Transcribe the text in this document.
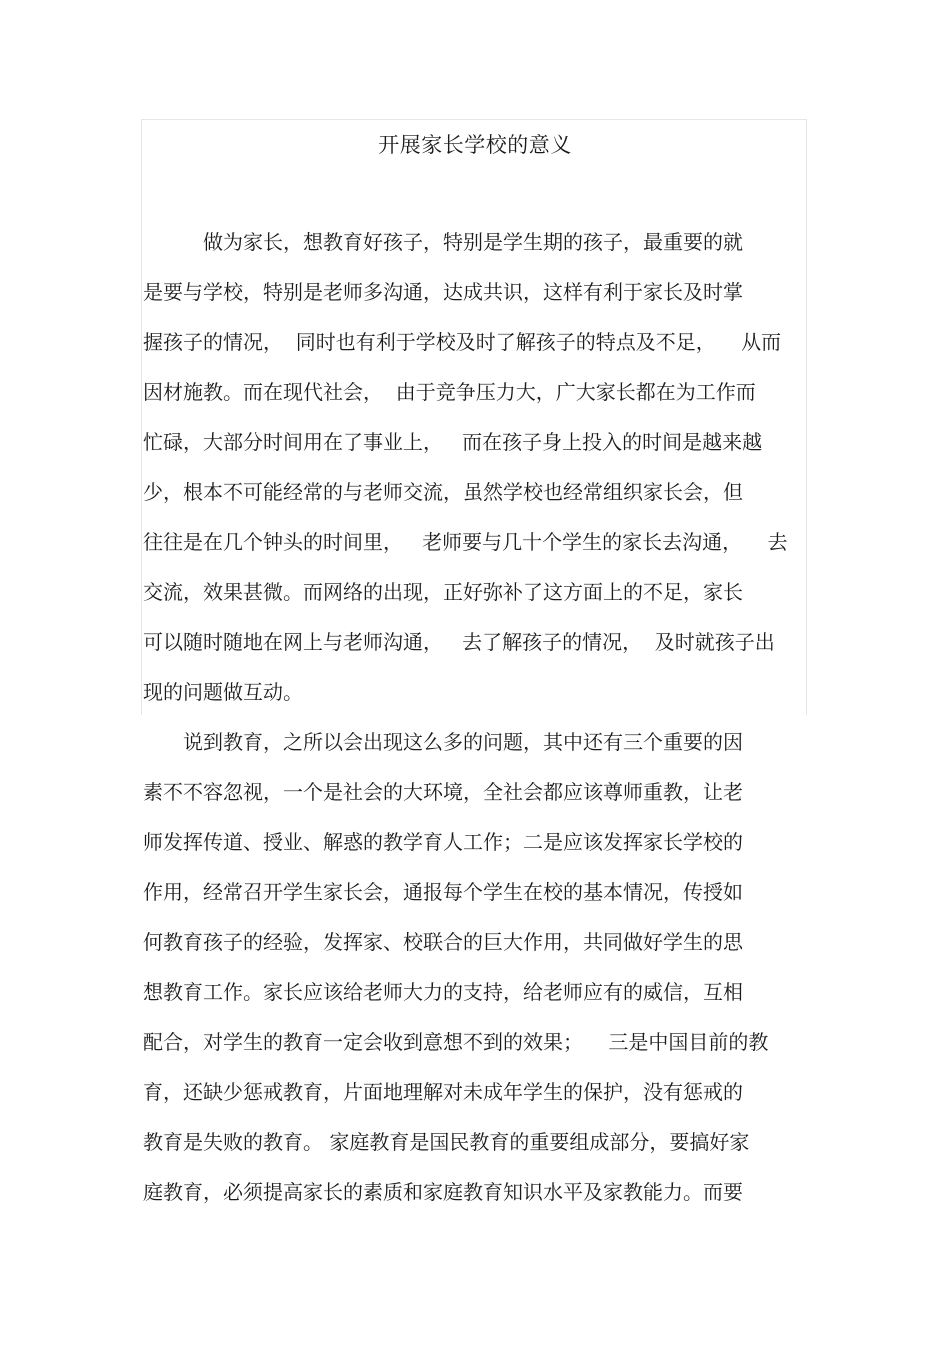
开展家长学校的意义
做为家长，想教育好孩子，特别是学生期的孩子，最重要的就
是要与学校，特别是老师多沟通，达成共识，这样有利于家长及时掌
握孩子的情况，  同时也有利于学校及时了解孩子的特点及不足，    从而
因材施教。而在现代社会，  由于竞争压力大，广大家长都在为工作而
忙碌，大部分时间用在了事业上，   而在孩子身上投入的时间是越来越
少，根本不可能经常的与老师交流，虽然学校也经常组织家长会，但
往往是在几个钟头的时间里，   老师要与几十个学生的家长去沟通，    去
交流，效果甚微。而网络的出现，正好弥补了这方面上的不足，家长
可以随时随地在网上与老师沟通，   去了解孩子的情况，  及时就孩子出
现的问题做互动。
说到教育，之所以会出现这么多的问题，其中还有三个重要的因
素不不容忽视，一个是社会的大环境，全社会都应该尊师重教，让老
师发挥传道、授业、解惑的教学育人工作；二是应该发挥家长学校的
作用，经常召开学生家长会，通报每个学生在校的基本情况，传授如
何教育孩子的经验，发挥家、校联合的巨大作用，共同做好学生的思
想教育工作。家长应该给老师大力的支持，给老师应有的威信，互相
配合，对学生的教育一定会收到意想不到的效果；    三是中国目前的教
育，还缺少惩戒教育，片面地理解对未成年学生的保护，没有惩戒的
教育是失败的教育。 家庭教育是国民教育的重要组成部分，要搞好家
庭教育，必须提高家长的素质和家庭教育知识水平及家教能力。而要
